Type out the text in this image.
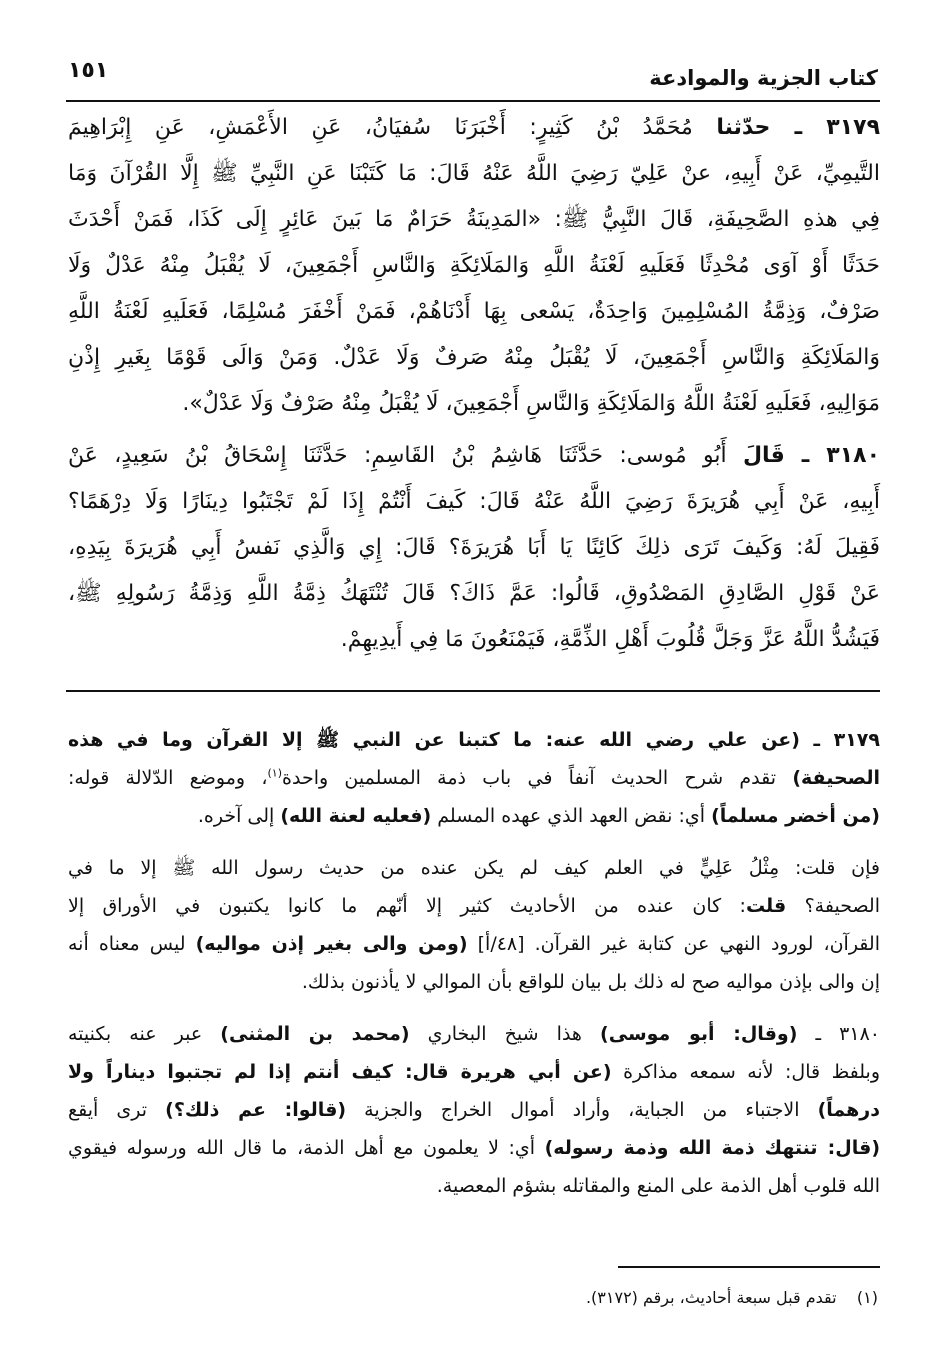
١٥١	كتاب الجزية والموادعة
٣١٧٩ ـ حدّثنا مُحَمَّدُ بْنُ كَثِيرٍ: أَخْبَرَنَا سُفيَانُ، عَنِ الأَعْمَشِ، عَنِ إِبْرَاهِيمَ
التَّيمِيِّ، عَنْ أَبِيهِ، عنْ عَلِيّ رَضِيَ اللَّهُ عَنْهُ قَالَ: مَا كَتَبْنَا عَنِ النَّبِيِّ ﷺ إِلَّا القُرْآنَ وَمَا
فِي هذهِ الصَّحِيفَةِ، قَالَ النَّبِيُّ ﷺ: «المَدِينَةُ حَرَامٌ مَا بَينَ عَائِرٍ إِلَى كَذَا، فَمَنْ أَحْدَثَ
حَدَثًا أَوْ آوَى مُحْدِثًا فَعَلَيهِ لَعْنَةُ اللَّهِ وَالمَلَائِكَةِ وَالنَّاسِ أَجْمَعِينَ، لَا يُقْبَلُ مِنْهُ عَدْلٌ وَلَا
صَرْفٌ، وَذِمَّةُ المُسْلِمِينَ وَاحِدَةٌ، يَسْعى بِهَا أَدْنَاهُمْ، فَمَنْ أَخْفَرَ مُسْلِمًا، فَعَلَيهِ لَعْنَةُ اللَّهِ
وَالمَلَائِكَةِ وَالنَّاسِ أَجْمَعِينَ، لَا يُقْبَلُ مِنْهُ صَرفٌ وَلَا عَدْلٌ. وَمَنْ وَالَى قَوْمًا بِغَيرِ إِذْنِ
مَوَالِيهِ، فَعَلَيهِ لَعْنَةُ اللَّهُ وَالمَلَائِكَةِ وَالنَّاسِ أَجْمَعِينَ، لَا يُقْبَلُ مِنْهُ صَرْفٌ وَلَا عَدْلٌ».
٣١٨٠ ـ قَالَ أَبُو مُوسى: حَدَّثَنَا هَاشِمُ بْنُ القَاسِمِ: حَدَّثَنَا إِسْحَاقُ بْنُ سَعِيدٍ، عَنْ
أَبِيهِ، عَنْ أَبِي هُرَيرَةَ رَضِيَ اللَّهُ عَنْهُ قَالَ: كَيفَ أَنْتُمْ إِذَا لَمْ تَجْتَبُوا دِينَارًا وَلَا دِرْهَمًا؟
فَقِيلَ لَهُ: وَكَيفَ تَرَى ذلِكَ كَائِنًا يَا أَبَا هُرَيرَةَ؟ قَالَ: إِي وَالَّذِي نَفسُ أَبِي هُرَيرَةَ بِيَدِهِ،
عَنْ قَوْلِ الصَّادِقِ المَصْدُوقِ، قَالُوا: عَمَّ ذَاكَ؟ قَالَ تُنْتَهَكُ ذِمَّةُ اللَّهِ وَذِمَّةُ رَسُولِهِ ﷺ،
فَيَشُدُّ اللَّهُ عَزَّ وَجَلَّ قُلُوبَ أَهْلِ الذِّمَّةِ، فَيَمْنَعُونَ مَا فِي أَيدِيهِمْ.
٣١٧٩ ـ (عن علي رضي الله عنه: ما كتبنا عن النبي ﷺ إلا القرآن وما في هذه
الصحيفة) تقدم شرح الحديث آنفاً في باب ذمة المسلمين واحدة$^{(١)}$، وموضع الدّلالة قوله:
(من أخضر مسلماً) أي: نقض العهد الذي عهده المسلم (فعليه لعنة الله) إلى آخره.
فإن قلت: مِثْلُ عَلِيٍّ في العلم كيف لم يكن عنده من حديث رسول الله ﷺ إلا ما في
الصحيفة؟ قلت: كان عنده من الأحاديث كثير إلا أنّهم ما كانوا يكتبون في الأوراق إلا
القرآن، لورود النهي عن كتابة غير القرآن. [٤٨/أ] (ومن والى بغير إذن مواليه) ليس معناه أنه
إن والى بإذن مواليه صح له ذلك بل بيان للواقع بأن الموالي لا يأذنون بذلك.
٣١٨٠ ـ (وقال: أبو موسى) هذا شيخ البخاري (محمد بن المثنى) عبر عنه بكنيته
وبلفظ قال: لأنه سمعه مذاكرة (عن أبي هريرة قال: كيف أنتم إذا لم تجتبوا ديناراً ولا
درهماً) الاجتباء من الجباية، وأراد أموال الخراج والجزية (قالوا: عم ذلك؟) ترى أيقع
(قال: تنتهك ذمة الله وذمة رسوله) أي: لا يعلمون مع أهل الذمة، ما قال الله ورسوله فيقوي
الله قلوب أهل الذمة على المنع والمقاتله بشؤم المعصية.
(١)    تقدم قبل سبعة أحاديث، برقم (٣١٧٢).
